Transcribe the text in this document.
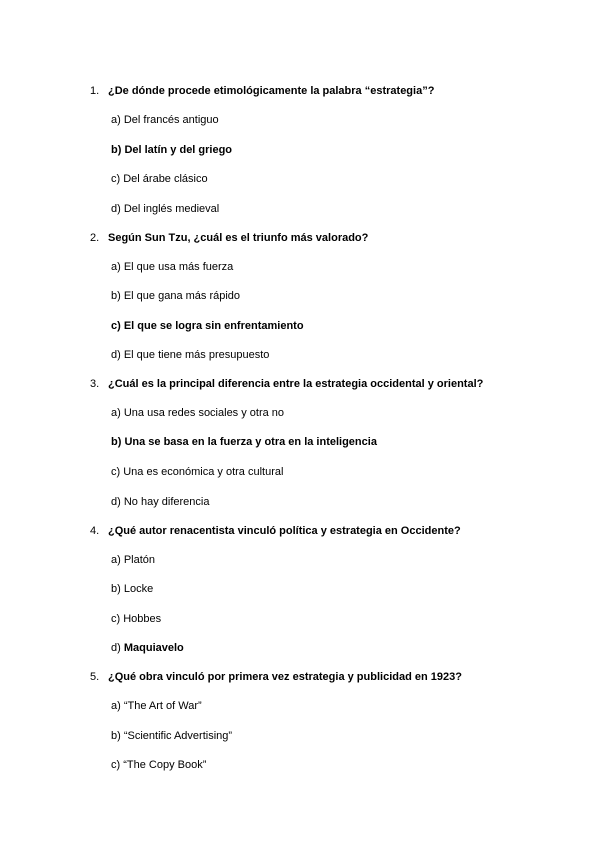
1. ¿De dónde procede etimológicamente la palabra “estrategia”?
a) Del francés antiguo
b) Del latín y del griego
c) Del árabe clásico
d) Del inglés medieval
2. Según Sun Tzu, ¿cuál es el triunfo más valorado?
a) El que usa más fuerza
b) El que gana más rápido
c) El que se logra sin enfrentamiento
d) El que tiene más presupuesto
3. ¿Cuál es la principal diferencia entre la estrategia occidental y oriental?
a) Una usa redes sociales y otra no
b) Una se basa en la fuerza y otra en la inteligencia
c) Una es económica y otra cultural
d) No hay diferencia
4. ¿Qué autor renacentista vinculó política y estrategia en Occidente?
a) Platón
b) Locke
c) Hobbes
d) Maquiavelo
5. ¿Qué obra vinculó por primera vez estrategia y publicidad en 1923?
a) “The Art of War”
b) “Scientific Advertising”
c) “The Copy Book”
